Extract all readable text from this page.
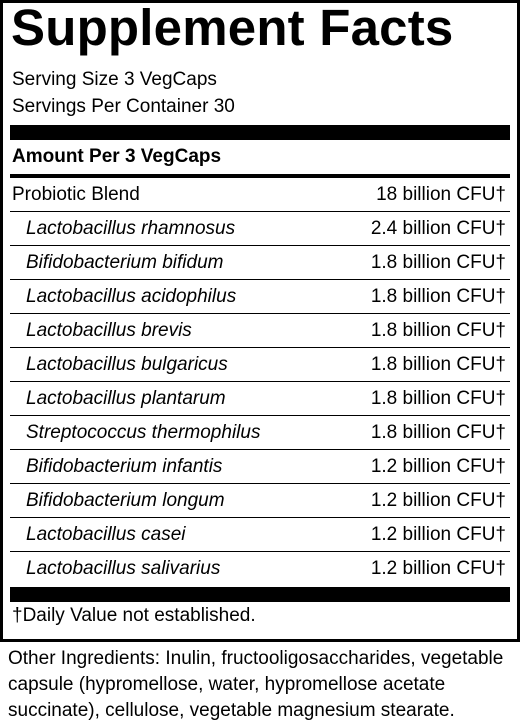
Supplement Facts
Serving Size 3 VegCaps
Servings Per Container 30
Amount Per 3 VegCaps
Probiotic Blend	18 billion CFU†
Lactobacillus rhamnosus	2.4 billion CFU†
Bifidobacterium bifidum	1.8 billion CFU†
Lactobacillus acidophilus	1.8 billion CFU†
Lactobacillus brevis	1.8 billion CFU†
Lactobacillus bulgaricus	1.8 billion CFU†
Lactobacillus plantarum	1.8 billion CFU†
Streptococcus thermophilus	1.8 billion CFU†
Bifidobacterium infantis	1.2 billion CFU†
Bifidobacterium longum	1.2 billion CFU†
Lactobacillus casei	1.2 billion CFU†
Lactobacillus salivarius	1.2 billion CFU†
†Daily Value not established.
Other Ingredients: Inulin, fructooligosaccharides, vegetable capsule (hypromellose, water, hypromellose acetate succinate), cellulose, vegetable magnesium stearate.
